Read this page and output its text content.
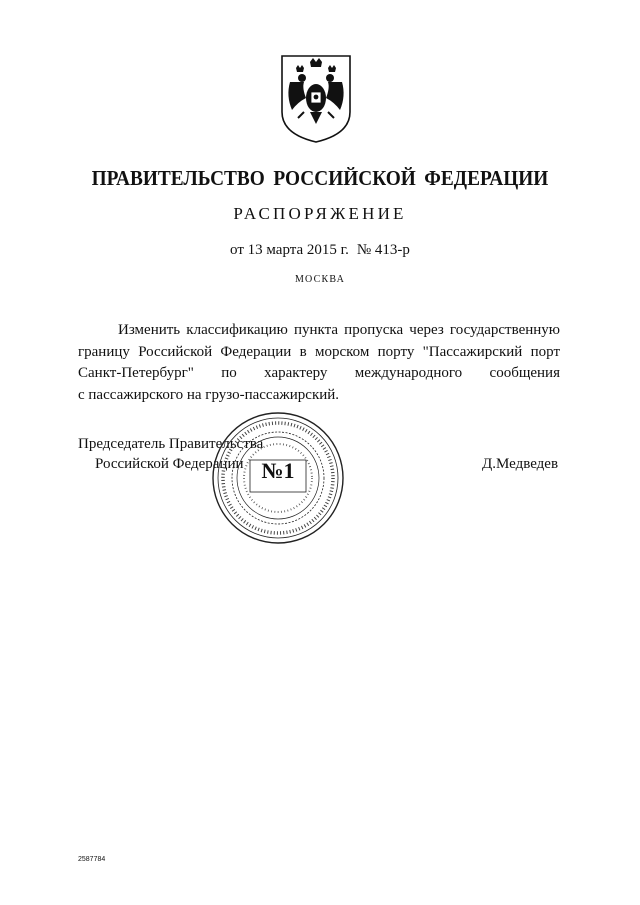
ПРАВИТЕЛЬСТВО РОССИЙСКОЙ ФЕДЕРАЦИИ
РАСПОРЯЖЕНИЕ
от 13 марта 2015 г. № 413-р
МОСКВА
Изменить классификацию пункта пропуска через государственную
границу Российской Федерации в морском порту "Пассажирский порт
Санкт-Петербург" по характеру международного сообщения
с пассажирского на грузо-пассажирский.
Председатель Правительства
Российской Федерации	Д.Медведев
№1
2587784
